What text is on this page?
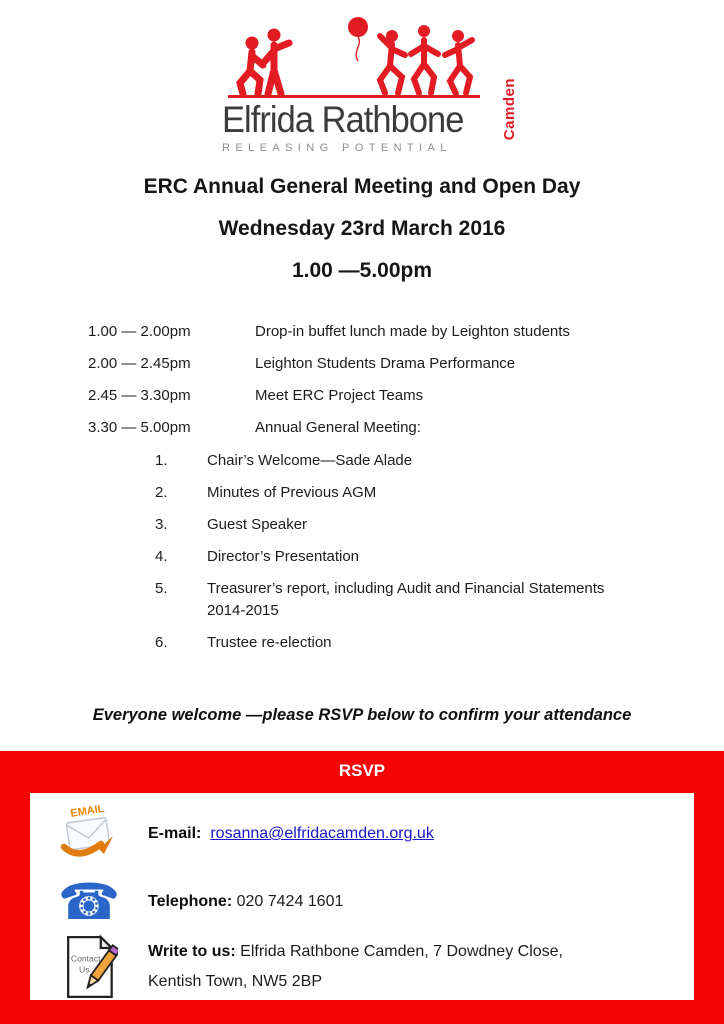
Elfrida Rathbone
RELEASING POTENTIAL
Camden

ERC Annual General Meeting and Open Day

Wednesday 23rd March 2016

1.00 —5.00pm

1.00 — 2.00pm	Drop-in buffet lunch made by Leighton students
2.00 — 2.45pm	Leighton Students Drama Performance
2.45 — 3.30pm	Meet ERC Project Teams
3.30 — 5.00pm	Annual General Meeting:
1.	Chair’s Welcome—Sade Alade
2.	Minutes of Previous AGM
3.	Guest Speaker
4.	Director’s Presentation
5.	Treasurer’s report, including Audit and Financial Statements 2014-2015
6.	Trustee re-election
Everyone welcome —please RSVP below to confirm your attendance
RSVP
EMAIL

E-mail: rosanna@elfridacamden.org.uk

☎ Telephone: 020 7424 1601

Contact
Us

Write to us: Elfrida Rathbone Camden, 7 Dowdney Close,
Kentish Town, NW5 2BP
